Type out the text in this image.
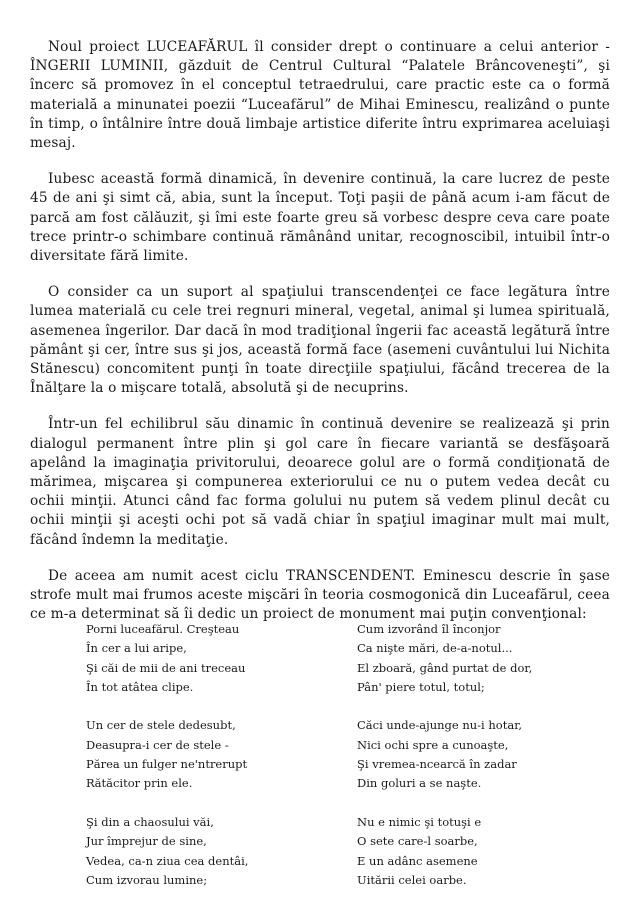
Noul proiect LUCEAFĂRUL îl consider drept o continuare a celui anterior - ÎNGERII LUMINII, găzduit de Centrul Cultural “Palatele Brâncoveneşti”, şi încerc să promovez în el conceptul tetraedrului, care practic este ca o formă materială a minunatei poezii “Luceafărul” de Mihai Eminescu, realizând o punte în timp, o întâlnire între două limbaje artistice diferite întru exprimarea aceluiaşi mesaj.

Iubesc această formă dinamică, în devenire continuă, la care lucrez de peste 45 de ani şi simt că, abia, sunt la început. Toţi paşii de până acum i-am făcut de parcă am fost călăuzit, şi îmi este foarte greu să vorbesc despre ceva care poate trece printr-o schimbare continuă rămânând unitar, recognoscibil, intuibil într-o diversitate fără limite.

O consider ca un suport al spaţiului transcendenţei ce face legătura între lumea materială cu cele trei regnuri mineral, vegetal, animal şi lumea spirituală, asemenea îngerilor. Dar dacă în mod tradiţional îngerii fac această legătură între pământ şi cer, între sus şi jos, această formă face (asemeni cuvântului lui Nichita Stănescu) concomitent punţi în toate direcţiile spaţiului, făcând trecerea de la Înălţare la o mişcare totală, absolută şi de necuprins.

Într-un fel echilibrul său dinamic în continuă devenire se realizează şi prin dialogul permanent între plin şi gol care în fiecare variantă se desfăşoară apelând la imaginaţia privitorului, deoarece golul are o formă condiţionată de mărimea, mişcarea şi compunerea exteriorului ce nu o putem vedea decât cu ochii minţii. Atunci când fac forma golului nu putem să vedem plinul decât cu ochii minţii şi aceşti ochi pot să vadă chiar în spaţiul imaginar mult mai mult, făcând îndemn la meditaţie.

De aceea am numit acest ciclu TRANSCENDENT. Eminescu descrie în şase strofe mult mai frumos aceste mişcări în teoria cosmogonică din Luceafărul, ceea ce m-a determinat să îi dedic un proiect de monument mai puţin convenţional:

Porni luceafărul. Creşteau
În cer a lui aripe,
Şi căi de mii de ani treceau
În tot atâtea clipe.
Un cer de stele dedesubt,
Deasupra-i cer de stele -
Părea un fulger ne'ntrerupt
Rătăcitor prin ele.
Şi din a chaosului văi,
Jur împrejur de sine,
Vedea, ca-n ziua cea dentâi,
Cum izvorau lumine;
Cum izvorând îl înconjor
Ca nişte mări, de-a-notul...
El zboară, gând purtat de dor,
Pân' piere totul, totul;
Căci unde-ajunge nu-i hotar,
Nici ochi spre a cunoaşte,
Şi vremea-ncearcă în zadar
Din goluri a se naşte.
Nu e nimic şi totuşi e
O sete care-l soarbe,
E un adânc asemene
Uitării celei oarbe.
